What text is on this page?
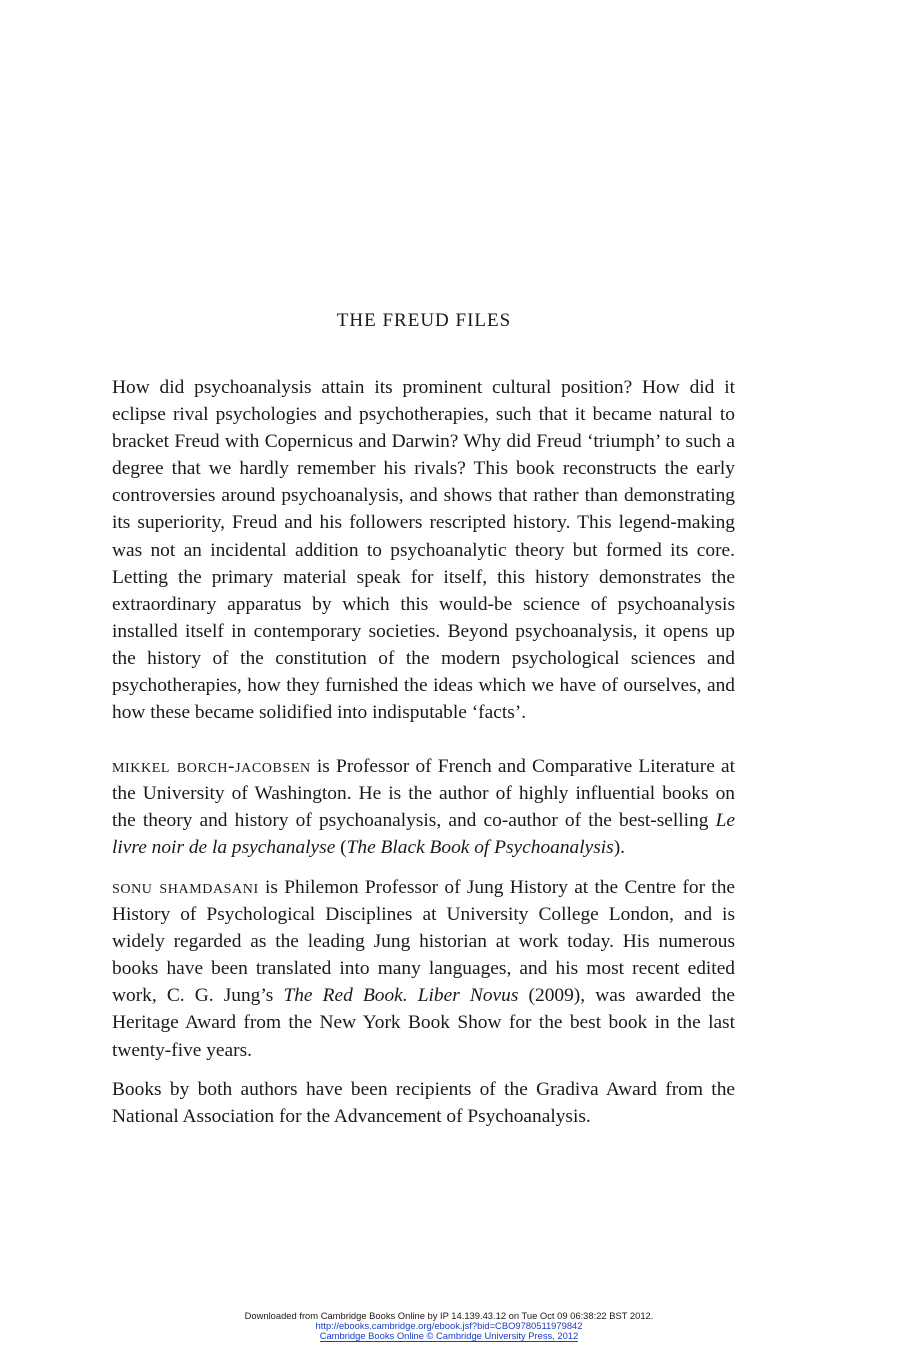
THE FREUD FILES

How did psychoanalysis attain its prominent cultural position? How did it eclipse rival psychologies and psychotherapies, such that it became natural to bracket Freud with Copernicus and Darwin? Why did Freud ‘triumph’ to such a degree that we hardly remember his rivals? This book reconstructs the early controversies around psychoanalysis, and shows that rather than demonstrating its superiority, Freud and his followers rescripted history. This legend-making was not an incidental addition to psychoanalytic theory but formed its core. Letting the primary material speak for itself, this history demonstrates the extraordinary apparatus by which this would-be science of psychoanalysis installed itself in contemporary societies. Beyond psychoanalysis, it opens up the history of the constitution of the modern psychological sciences and psychotherapies, how they furnished the ideas which we have of ourselves, and how these became solidified into indisputable ‘facts’.

mikkel borch-jacobsen is Professor of French and Comparative Literature at the University of Washington. He is the author of highly influential books on the theory and history of psychoanalysis, and co-author of the best-selling Le livre noir de la psychanalyse (The Black Book of Psychoanalysis).

sonu shamdasani is Philemon Professor of Jung History at the Centre for the History of Psychological Disciplines at University College London, and is widely regarded as the leading Jung historian at work today. His numerous books have been translated into many languages, and his most recent edited work, C. G. Jung’s The Red Book. Liber Novus (2009), was awarded the Heritage Award from the New York Book Show for the best book in the last twenty-five years.

Books by both authors have been recipients of the Gradiva Award from the National Association for the Advancement of Psychoanalysis.

Downloaded from Cambridge Books Online by IP 14.139.43.12 on Tue Oct 09 06:38:22 BST 2012.
http://ebooks.cambridge.org/ebook.jsf?bid=CBO9780511979842
Cambridge Books Online © Cambridge University Press, 2012
